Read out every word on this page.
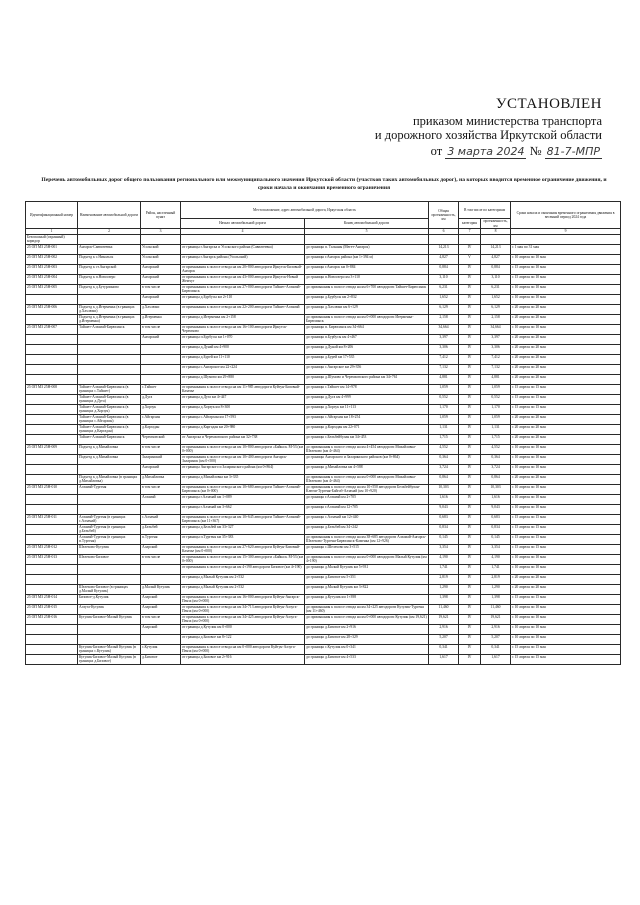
УСТАНОВЛЕН
приказом министерства транспорта
и дорожного хозяйства Иркутской области
от 3 марта 2024 № 81-7-МПР
Перечень автомобильных дорог общего пользования регионального или межмуниципального значения Иркутской области (участков таких автомобильных дорог), на которых вводится временное ограничение движения, и сроки начала и окончания временного ограничения
Идентификационный номер	Наименование автомобильной дороги	Район, населенный пункт	Местоположение, адрес автомобильной дороги, Иркутская область		Общая протяженность, км	В том числе по категориям		Сроки начала и окончания временного ограничения движения в весенний период 2024 года
			Начало автомобильной дороги	Конец автомобильной дороги		категория	протяженность, км	
1	2	3	4	5	6	7	8	9
Безопасный (охранный) коридор								
25 ОП МЗ 25Н-001	Ангарск-Савватеевка	Усольский	от границы г.Ангарска и Усольского района (Савватеевка)	до границы п. Тальяны (Мегет-Ангарск)	14,213	IV	14,213	с 1 мая по 31 мая
25 ОП МЗ 25Н-002	Подъезд к с.Никольск	Усольский	от границы г.Ангарск района (Усольский)	до границы г.Ангарск района (км 1+394 м)	4,827	V	4,827	с 10 апреля по 10 мая
25 ОП МЗ 25Н-003	Подъезд к ст.Ангарской	Ангарский	от примыкания к полосе отвода на км 20+800 автодороги Иркутск-Бизовый-Ангарск	до границы г.Ангарск км 0+884	0,884	IV	0,884	с 15 апреля по 10 мая
25 ОП МЗ 25Н-004	Подъезд к п.Новоозеро	Ангарский	от примыкания к полосе отвода на км 43+000 автодороги Иркутск-Новый Жемчуг	до границы п.Новоозеро км 3+110	3,110	IV	3,110	с 15 апреля по 10 мая
25 ОП МЗ 25Н-005	Подъезд к д.Бутурлиново	в том числе	от примыкания к полосе отвода на км 27+000 автодороги Тайшет-Алзамай-Бирюсинск	до примыкания к полосе отвода на км 6+700 автодороги Тайшет-Бирюсинск	6,231	IV	6,231	с 10 апреля по 10 мая
		Ангарский	от границы д.Бурбусы км 2+110	до границы д.Бурбусы км 2+832	1,652	IV	1,652	с 10 апреля по 10 мая
25 ОП МЗ 25Н-006	Подъезд к д.Игерменка (в границах д.Хахлюки)	д.Хахлюки	от примыкания к полосе отвода на км 22+200 автодороги Тайшет-Алзамай	до границы д.Хахлюки км 6+129	6,129	IV	6,129	с 20 апреля по 20 мая
	Подъезд к д.Игерменка (в границах д.Игерменка)	д.Игерменка	от границы д.Игерменка км 2+158	до примыкания к полосе отвода на км 0+000 автодороги Игерменка-Бирюсинск	2,158	IV	2,158	с 20 апреля по 20 мая
25 ОП МЗ 25Н-007	Тайшет-Алзамай-Бирюсинск	в том числе	от примыкания к полосе отвода на км 16+100 автодороги Иркутск-Черемхово	до границы п. Бирюсинск км 34+664	34,664	IV	34,664	с 10 апреля по 10 мая
		Ангарский	от границы п.Бурбусы км 1+070	до границы п.Бурбусы км 4+467	3,397	IV	3,397	с 20 апреля по 20 мая
			от границы д.Дунай км 4+900	до границы д.Дунай км 8+206	3,306	IV	3,306	с 20 апреля по 20 мая
			от границы д.Бурей км 11+110	до границы д.Бурей км 17+535	7,412	IV	7,412	с 20 апреля по 20 мая
			от границы с.Ангарское км 22+224	до границы с.Ангарское км 29+356	7,132	IV	7,132	с 20 апреля по 20 мая
			от границы д.Шумово км 29+880	до границы д.Шумово и Черемховского района км 34+761	4,881	IV	4,881	с 20 апреля по 20 мая
25 ОП МЗ 25Н-008	Тайшет-Алзамай-Бирюсинск (в границах с.Тайшет)	с.Тайшет	от примыкания к полосе отвода на км 11+985 автодороги Куйтун-Бизовый-Казачье	до границы с.Тайшет км 14+978	1,059	IV	1,059	с 15 апреля по 15 мая
	Тайшет-Алзамай-Бирюсинск (в границах д.Дуга)	д.Дуга	от границы д.Дуга км 4+447	до границы д.Дуга км 4+999	0,552	IV	0,552	с 15 апреля по 15 мая
	Тайшет-Алзамай-Бирюсинск (в границах д.Хорзук)	д.Хорзук	от границы д.Хорзук км 8+300	до границы д.Хорзук км 11+113	1,170	IV	1,170	с 15 апреля по 15 мая
	Тайшет-Алзамай-Бирюсинск (в границах с.Айгархин)	с.Айгархин	от границы с.Айгархин км 17+593	до границы с.Айгархин км 18+254	1,059	IV	1,059	с 20 апреля по 20 мая
	Тайшет-Алзамай-Бирюсинск (в границах д.Каргадан)	д.Каргадан	от границы д.Каргадан км 20+980	до границы д.Каргадан км 22+071	1,131	IV	1,131	с 20 апреля по 20 мая
	Тайшет-Алзамай-Бирюсинск	Черемховский	от Ангарска и Черемховского района км 32+738	до границы с.Бельбейбулан км 34+453	1,715	IV	1,715	с 20 апреля по 20 мая
25 ОП МЗ 25Н-009	Подъезд к д.Михайловка	в том числе	от примыкания к полосе отвода на км 10+800 автодороги «Байкал» М-53 (км 0+000)	до примыкания к полосе отвода на км 4+454 автодороги Михайловка-Шелехово (км 4+464)	4,552	IV	4,552	с 10 апреля по 10 мая
	Подъезд к д.Михайловка	Заларинский	от примыкания к полосе отвода на км 10+400 автодороги Ангарск-Заларинск (км 0+500)	до границы Ангарского и Заларинского районов (км 0+864)	0,364	IV	0,364	с 10 апреля по 10 мая
		Ангарский	от границы Ангарского и Заларинского района (км 0+864)	до границы д.Михайловка км 4+588	3,724	IV	3,724	с 10 апреля по 10 мая
	Подъезд к д.Михайловка (в границах д.Михайловка)	д.Михайловка	от границы д.Михайловка км 3+335	до примыкания к полосе отвода на км 0+000 автодороги Михайловка-Шелехово (км 4+464)	0,864	IV	0,864	с 20 апреля по 20 мая
25 ОП МЗ 25Н-010	Алзамай-Тургеня	в том числе	от примыкания к полосе отвода на км 10+680 автодороги Тайшет-Алзамай-Бирюсинск (км 0+000)	до примыкания к полосе отвода на км 10+550 автодороги Бельбейбулан-Ключи-Тургеня-Байгаб-Алзамай (км 10+920)	10,303	IV	10,303	с 10 апреля по 10 мая
		Алзамай	от границы г.Алзамай км 1+089	до границы г.Алзамай км 2+705	1,616	IV	1,616	с 10 апреля по 10 мая
			от границы г.Алзамай км 3+662	до границы г.Алзамай км 12+705	9,043	IV	9,043	с 10 апреля по 10 мая
25 ОП МЗ 25Н-011	Алзамай-Тургеня (в границах с.Алзамай)	с.Алзамай	от примыкания к полосе отвода на км 10+645 автодороги Тайшет-Алзамай-Бирюсинск (км 11+367)	до границы с.Алзамай км 12+440	0,683	IV	0,683	с 15 апреля по 15 мая
	Алзамай-Тургеня (в границах д.Бельбей)	д.Бельбей	от границы д.Бельбей км 33+327	до границы д.Бельбей км 34+242	0,834	IV	0,834	с 15 апреля по 15 мая
	Алзамай-Тургеня (в границах п.Тургеня)	п.Тургеня	от границы п.Тургеня км 35+383	до примыкания к полосе отвода на км 38+685 автодороги Алзамай-Ангарск-Шелехово-Тургеня-Бирюсинск-Каменка (км 12+926)	0,145	IV	0,145	с 15 апреля по 15 мая
25 ОП МЗ 25Н-012	Шелехово-Кутулик	Аларский	от примыкания к полосе отвода на км 27+620 автодороги Куйтун-Бизовый-Казачье (км 0+000)	до границы с.Шелехово км 3+515	3,354	IV	3,354	с 15 апреля по 15 мая
25 ОП МЗ 25Н-013	Шелехово-Бизовое	в том числе	от примыкания к полосе отвода на км 15+300 автодороги «Байкал» М-53 (км 0+000)	до примыкания к полосе отвода на км 0+000 автодороги Малый Кутулик (км 4+190)	4,190	IV	4,190	с 10 апреля по 10 мая
			от примыкания к полосе отвода на км 4+190 автодороги Бизовое (км 4+190)	до границы д.Малый Кутулик км 5+931	1,741	IV	1,741	с 10 апреля по 10 мая
			от границы д.Малый Кутулик км 2+532	до границы д.Бизовое км 5+351	2,819	IV	2,819	с 20 апреля по 20 мая
	Шелехово-Бизовое (в границах д.Малый Кутулик)	д.Малый Кутулик	от границы д.Малый Кутулик км 2+532	до границы д.Малый Кутулик км 3+822	1,290	IV	1,290	с 20 апреля по 20 мая
25 ОП МЗ 25Н-014	Бизовое-д.Кутулик	Аларский	от примыкания к полосе отвода на км 16+000 автодороги Куйтун-Ангарск-Пенза (км 0+000)	до границы д.Кутулик км 1+398	1,398	IV	1,398	с 15 апреля по 15 мая
25 ОП МЗ 25Н-015	Алзуга-Кутулик	Аларский	от примыкания к полосе отвода на км 34+713 автодороги Куйтун-Алзуга-Пенза (км 0+000)	до примыкания к полосе отвода на км 34+225 автодороги Кутулик-Тургеня (км 11+460)	11,460	IV	11,460	с 10 апреля по 10 мая
25 ОП МЗ 25Н-016	Кутулик-Бизовое-Малый Кутулик	в том числе	от примыкания к полосе отвода на км 34+425 автодороги Куйтун-Алзуга-Пенза (км 0+000)	до примыкания к полосе отвода на км 0+000 автодороги Кутулик (км 19,621)	19,621	IV	19,621	с 10 апреля по 10 мая
		Аларский	от границы д.Кутулик км 0+000	до границы д.Бизовое км 2+916	2,916	IV	2,916	с 10 апреля по 10 мая
			от границы д.Бизовое км 8+122	до границы д.Бизовое км 28+329	5,207	IV	5,207	с 10 апреля по 10 мая
	Кутулик-Бизовое-Малый Кутулик (в границах с.Кутулик)	с.Кутулик	от примыкания к полосе отвода на км 0+000 автодороги Куйтун-Алзуга-Пенза (км 0+000)	до границы с.Кутулик км 0+341	0,341	IV	0,341	с 15 апреля по 15 мая
	Кутулик-Бизовое-Малый Кутулик (в границах д.Бизовое)	д.Бизовое	от границы д.Бизовое км 2+916	до границы д.Бизовое км 4+533	1,617	IV	1,617	с 15 апреля по 15 мая
